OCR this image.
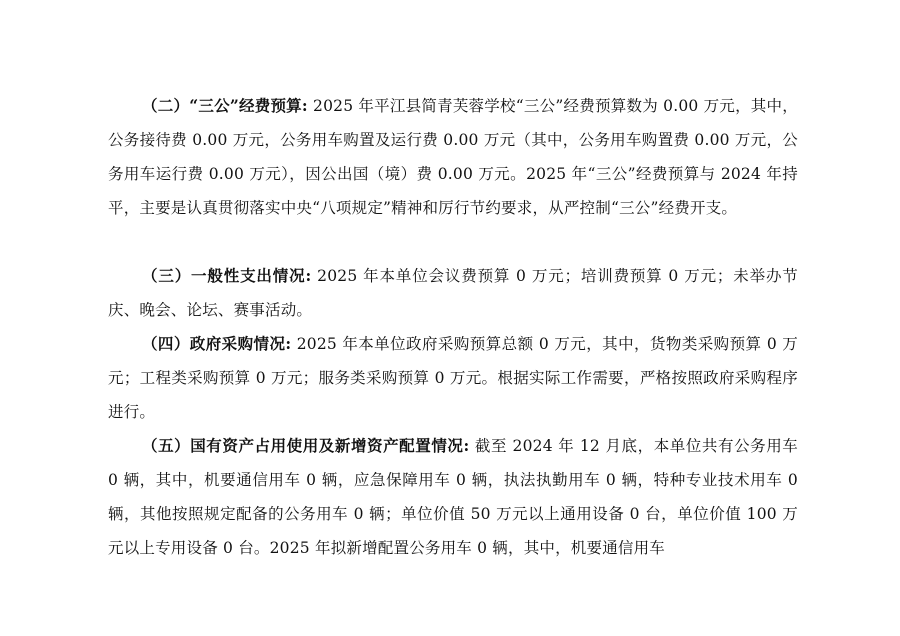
（二）“三公”经费预算: 2025 年平江县简青芙蓉学校“三公”经费预算数为 0.00 万元，其中，公务接待费 0.00 万元，公务用车购置及运行费 0.00 万元（其中，公务用车购置费 0.00 万元，公务用车运行费 0.00 万元），因公出国（境）费 0.00 万元。2025 年“三公”经费预算与 2024 年持平，主要是认真贯彻落实中央“八项规定”精神和厉行节约要求，从严控制“三公”经费开支。

（三）一般性支出情况: 2025 年本单位会议费预算 0 万元；培训费预算 0 万元；未举办节庆、晚会、论坛、赛事活动。

（四）政府采购情况: 2025 年本单位政府采购预算总额 0 万元，其中，货物类采购预算 0 万元；工程类采购预算 0 万元；服务类采购预算 0 万元。根据实际工作需要，严格按照政府采购程序进行。

（五）国有资产占用使用及新增资产配置情况: 截至 2024 年 12 月底，本单位共有公务用车 0 辆，其中，机要通信用车 0 辆，应急保障用车 0 辆，执法执勤用车 0 辆，特种专业技术用车 0 辆，其他按照规定配备的公务用车 0 辆；单位价值 50 万元以上通用设备 0 台，单位价值 100 万元以上专用设备 0 台。2025 年拟新增配置公务用车 0 辆，其中，机要通信用车
